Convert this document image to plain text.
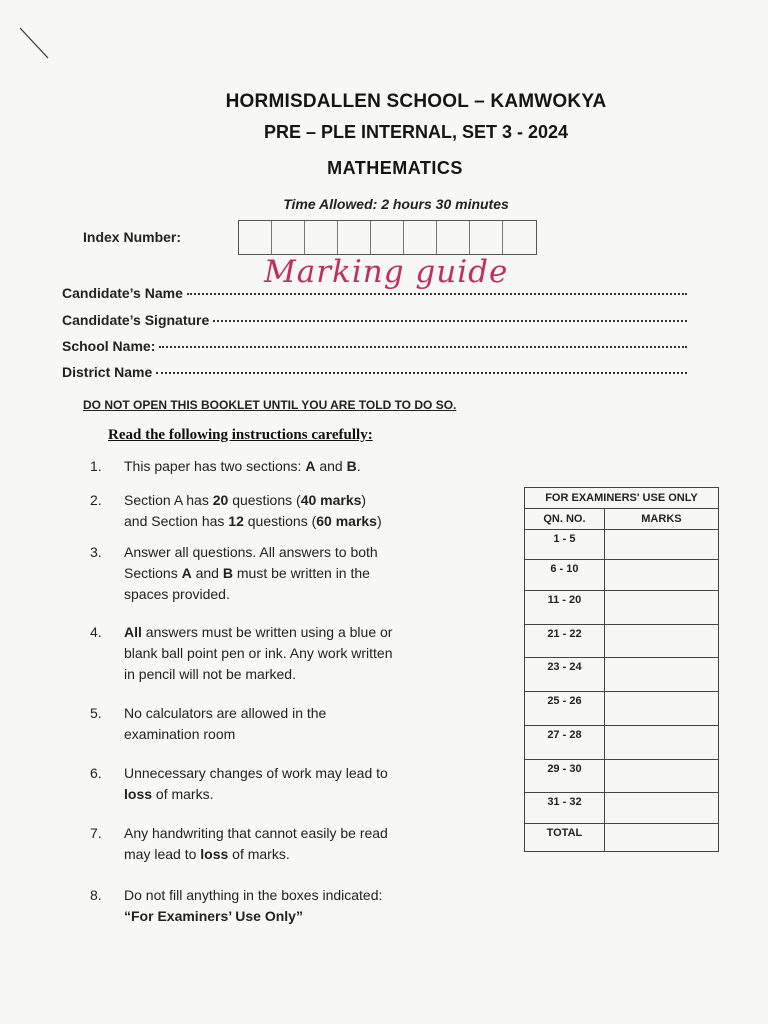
HORMISDALLEN SCHOOL – KAMWOKYA
PRE – PLE INTERNAL, SET 3 - 2024
MATHEMATICS
Time Allowed: 2 hours 30 minutes
Index Number:
Candidate’s Name
Marking guide
Candidate’s Signature
School Name:
District Name
DO NOT OPEN THIS BOOKLET UNTIL YOU ARE TOLD TO DO SO.
Read the following instructions carefully:
1.	This paper has two sections: A and B.
2.	Section A has 20 questions (40 marks)
and Section has 12 questions (60 marks)
3.	Answer all questions. All answers to both
Sections A and B must be written in the
spaces provided.
4.	All answers must be written using a blue or
blank ball point pen or ink. Any work written
in pencil will not be marked.
5.	No calculators are allowed in the
examination room
6.	Unnecessary changes of work may lead to
loss of marks.
7.	Any handwriting that cannot easily be read
may lead to loss of marks.
8.	Do not fill anything in the boxes indicated:
“For Examiners’ Use Only”
FOR EXAMINERS' USE ONLY	
QN. NO.	MARKS
1 - 5	
6 - 10	
11 - 20	
21 - 22	
23 - 24	
25 - 26	
27 - 28	
29 - 30	
31 - 32	
TOTAL	
